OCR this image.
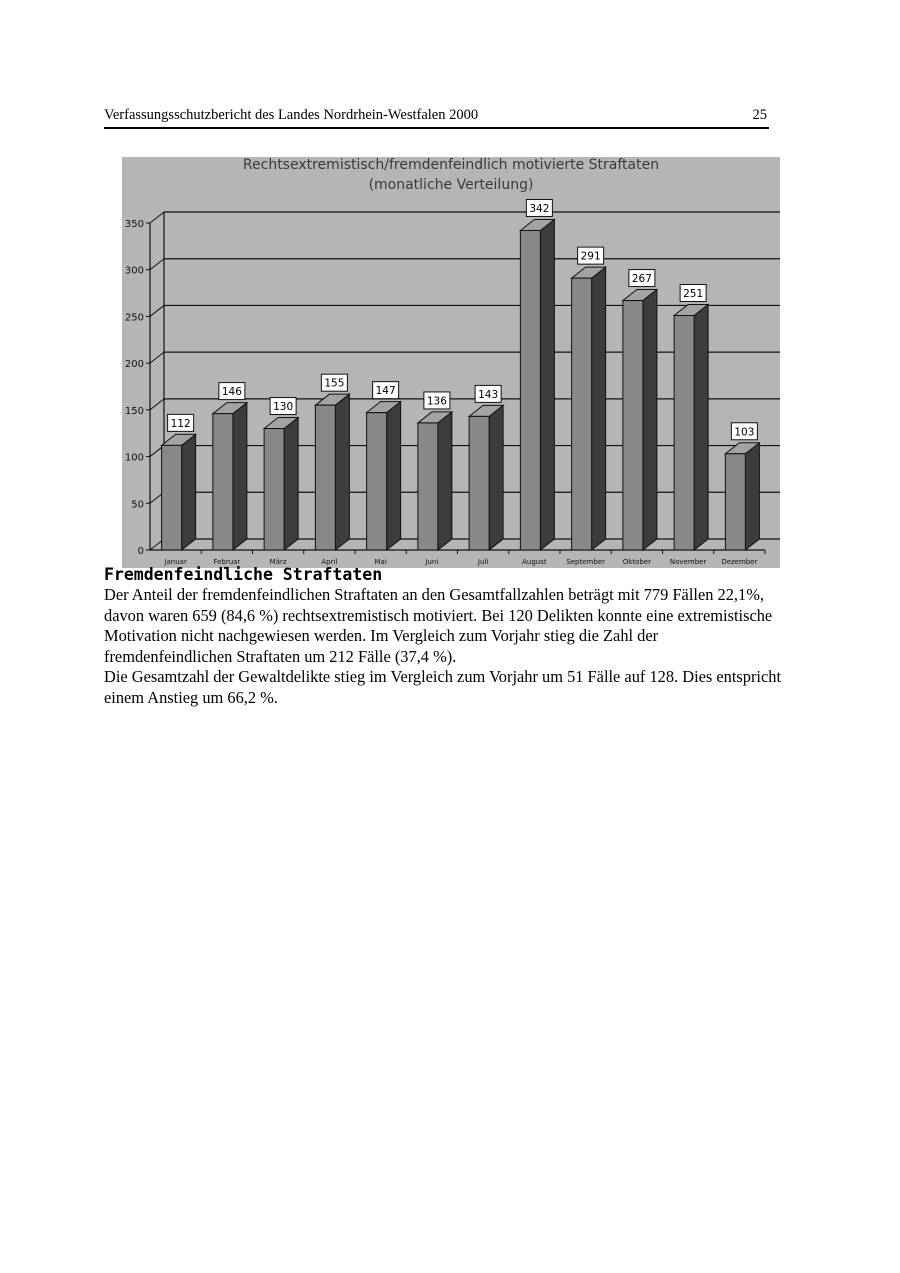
Verfassungsschutzbericht des Landes Nordrhein-Westfalen 2000	25
Rechtsextremistisch/fremdenfeindlich motivierte Straftaten
(monatliche Verteilung)
0
50
100
150
200
250
300
350
112
Januar
146
Februar
130
März
155
April
147
Mai
136
Juni
143
Juli
342
August
291
September
267
Oktober
251
November
103
Dezember
Fremdenfeindliche Straftaten

Der Anteil der fremdenfeindlichen Straftaten an den Gesamtfallzahlen beträgt mit 779 Fällen 22,1%, davon waren 659 (84,6 %) rechtsextremistisch motiviert. Bei 120 Delikten konnte eine extremistische Motivation nicht nachgewiesen werden. Im Vergleich zum Vorjahr stieg die Zahl der fremdenfeindlichen Straftaten um 212 Fälle (37,4 %).

Die Gesamtzahl der Gewaltdelikte stieg im Vergleich zum Vorjahr um 51 Fälle auf 128. Dies entspricht einem Anstieg um 66,2 %.
